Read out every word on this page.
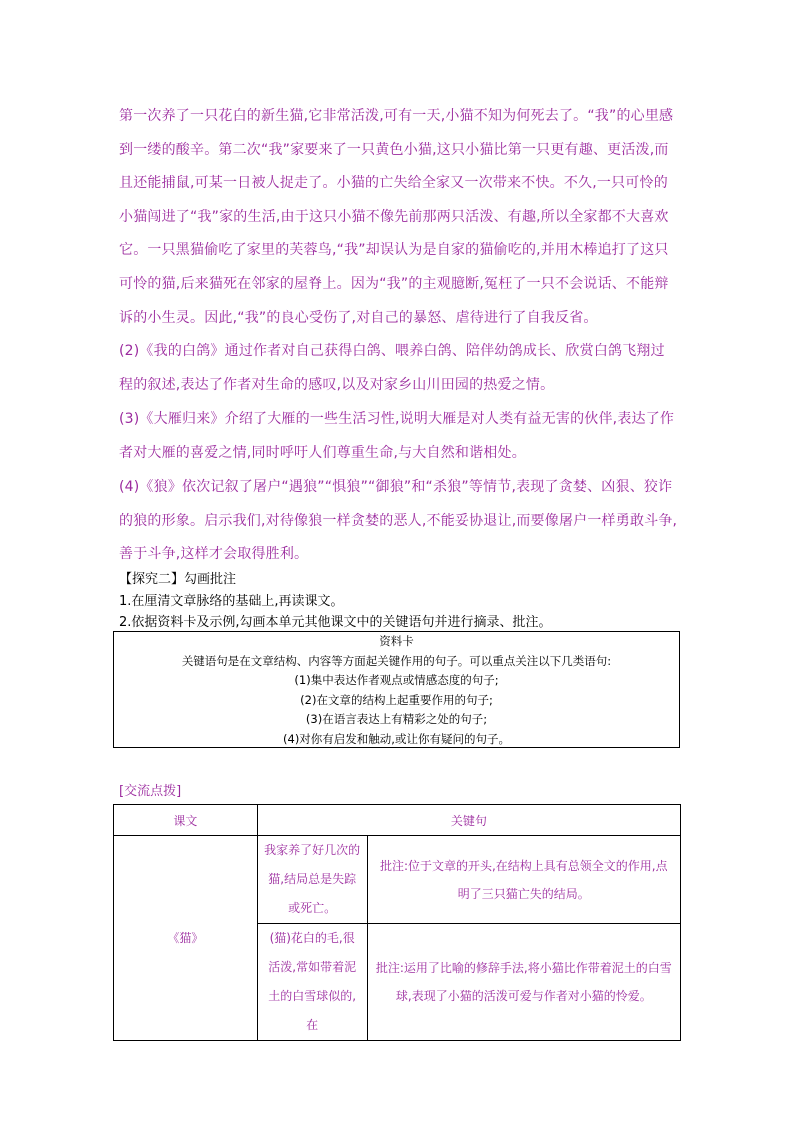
第一次养了一只花白的新生猫,它非常活泼,可有一天,小猫不知为何死去了。“我”的心里感到一缕的酸辛。第二次“我”家要来了一只黄色小猫,这只小猫比第一只更有趣、更活泼,而且还能捕鼠,可某一日被人捉走了。小猫的亡失给全家又一次带来不快。不久,一只可怜的小猫闯进了“我”家的生活,由于这只小猫不像先前那两只活泼、有趣,所以全家都不大喜欢它。一只黑猫偷吃了家里的芙蓉鸟,“我”却误认为是自家的猫偷吃的,并用木棒追打了这只可怜的猫,后来猫死在邻家的屋脊上。因为“我”的主观臆断,冤枉了一只不会说话、不能辩诉的小生灵。因此,“我”的良心受伤了,对自己的暴怒、虐待进行了自我反省。
(2)《我的白鸽》通过作者对自己获得白鸽、喂养白鸽、陪伴幼鸽成长、欣赏白鸽飞翔过程的叙述,表达了作者对生命的感叹,以及对家乡山川田园的热爱之情。
(3)《大雁归来》介绍了大雁的一些生活习性,说明大雁是对人类有益无害的伙伴,表达了作者对大雁的喜爱之情,同时呼吁人们尊重生命,与大自然和谐相处。
(4)《狼》依次记叙了屠户“遇狼”“惧狼”“御狼”和“杀狼”等情节,表现了贪婪、凶狠、狡诈的狼的形象。启示我们,对待像狼一样贪婪的恶人,不能妥协退让,而要像屠户一样勇敢斗争,善于斗争,这样才会取得胜利。
【探究二】勾画批注
1.在厘清文章脉络的基础上,再读课文。
2.依据资料卡及示例,勾画本单元其他课文中的关键语句并进行摘录、批注。
资料卡
关键语句是在文章结构、内容等方面起关键作用的句子。可以重点关注以下几类语句:
(1)集中表达作者观点或情感态度的句子;
(2)在文章的结构上起重要作用的句子;
(3)在语言表达上有精彩之处的句子;
(4)对你有启发和触动,或让你有疑问的句子。
[交流点拨]
课文	关键句	
《猫》	我家养了好几次的猫,结局总是失踪或死亡。	批注:位于文章的开头,在结构上具有总领全文的作用,点明了三只猫亡失的结局。

	(猫)花白的毛,很活泼,常如带着泥土的白雪球似的,在	批注:运用了比喻的修辞手法,将小猫比作带着泥土的白雪球,表现了小猫的活泼可爱与作者对小猫的怜爱。
